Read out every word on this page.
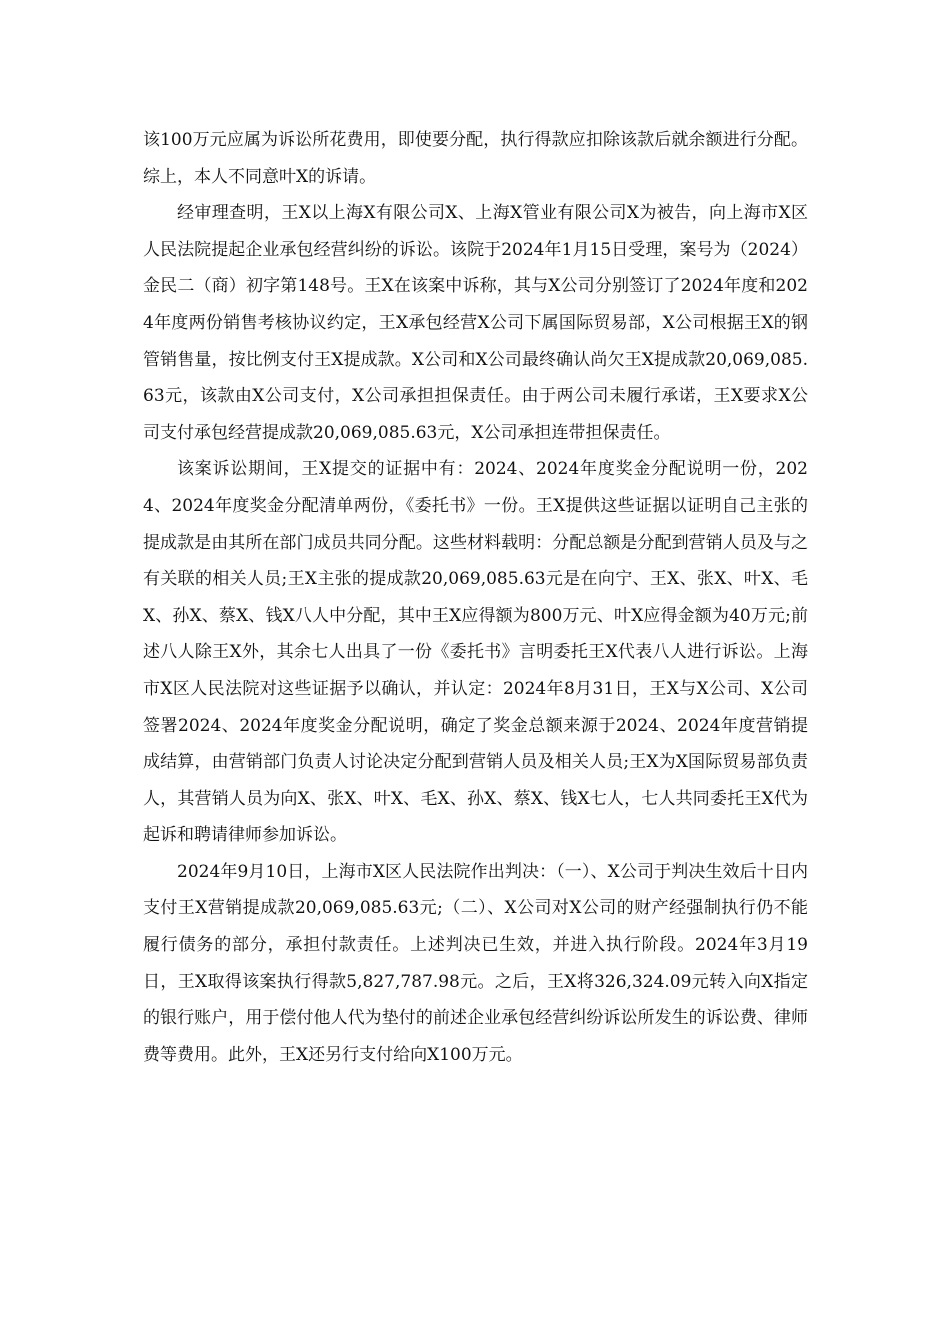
该100万元应属为诉讼所花费用，即使要分配，执行得款应扣除该款后就余额进行分配。综上，本人不同意叶X的诉请。

经审理查明，王X以上海X有限公司X、上海X管业有限公司X为被告，向上海市X区人民法院提起企业承包经营纠纷的诉讼。该院于2024年1月15日受理，案号为（2024）金民二（商）初字第148号。王X在该案中诉称，其与X公司分别签订了2024年度和2024年度两份销售考核协议约定，王X承包经营X公司下属国际贸易部，X公司根据王X的钢管销售量，按比例支付王X提成款。X公司和X公司最终确认尚欠王X提成款20,069,085.63元，该款由X公司支付，X公司承担担保责任。由于两公司未履行承诺，王X要求X公司支付承包经营提成款20,069,085.63元，X公司承担连带担保责任。

该案诉讼期间，王X提交的证据中有：2024、2024年度奖金分配说明一份，2024、2024年度奖金分配清单两份，《委托书》一份。王X提供这些证据以证明自己主张的提成款是由其所在部门成员共同分配。这些材料载明：分配总额是分配到营销人员及与之有关联的相关人员;王X主张的提成款20,069,085.63元是在向宁、王X、张X、叶X、毛X、孙X、蔡X、钱X八人中分配，其中王X应得额为800万元、叶X应得金额为40万元;前述八人除王X外，其余七人出具了一份《委托书》言明委托王X代表八人进行诉讼。上海市X区人民法院对这些证据予以确认，并认定：2024年8月31日，王X与X公司、X公司签署2024、2024年度奖金分配说明，确定了奖金总额来源于2024、2024年度营销提成结算，由营销部门负责人讨论决定分配到营销人员及相关人员;王X为X国际贸易部负责人，其营销人员为向X、张X、叶X、毛X、孙X、蔡X、钱X七人，七人共同委托王X代为起诉和聘请律师参加诉讼。

2024年9月10日，上海市X区人民法院作出判决：（一）、X公司于判决生效后十日内支付王X营销提成款20,069,085.63元;（二）、X公司对X公司的财产经强制执行仍不能履行债务的部分，承担付款责任。上述判决已生效，并进入执行阶段。2024年3月19日，王X取得该案执行得款5,827,787.98元。之后，王X将326,324.09元转入向X指定的银行账户，用于偿付他人代为垫付的前述企业承包经营纠纷诉讼所发生的诉讼费、律师费等费用。此外，王X还另行支付给向X100万元。
